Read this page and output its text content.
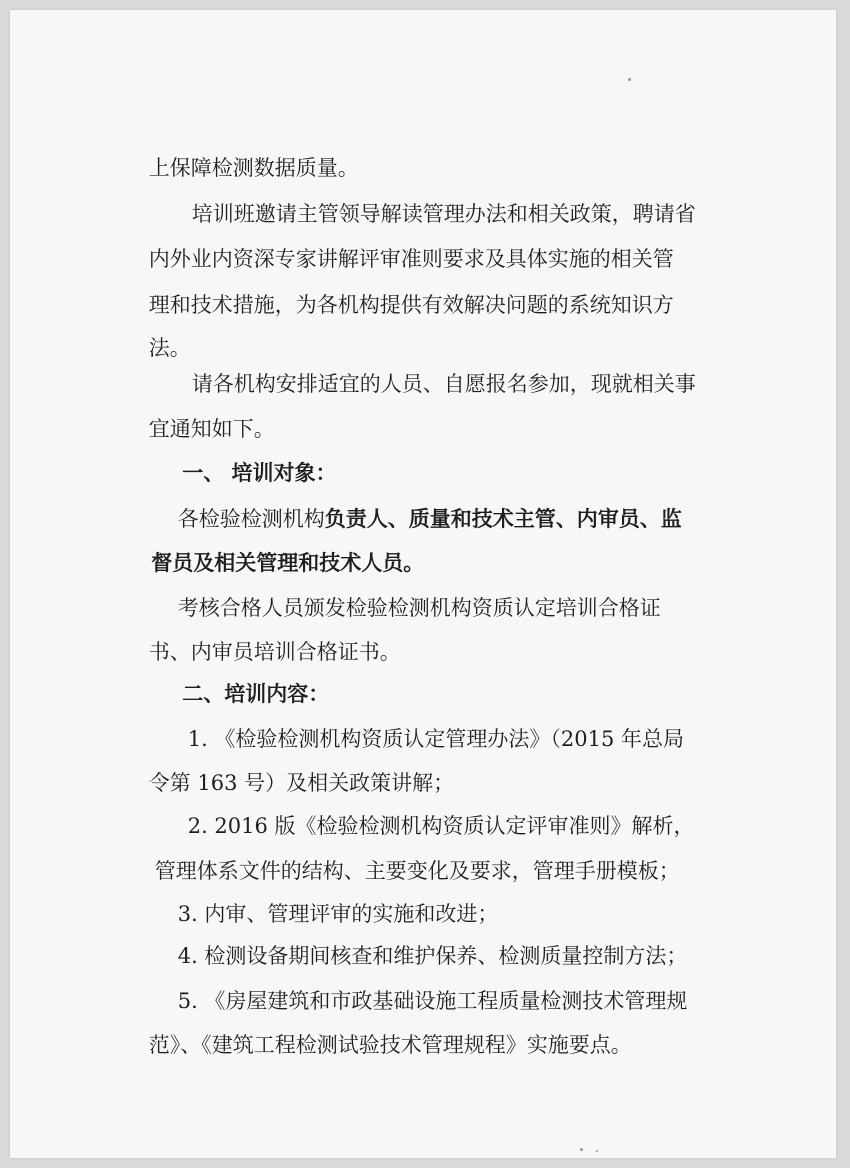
上保障检测数据质量。

培训班邀请主管领导解读管理办法和相关政策，聘请省

内外业内资深专家讲解评审准则要求及具体实施的相关管

理和技术措施，为各机构提供有效解决问题的系统知识方

法。

请各机构安排适宜的人员、自愿报名参加，现就相关事

宜通知如下。

一、 培训对象：

各检验检测机构负责人、质量和技术主管、内审员、监

督员及相关管理和技术人员。

考核合格人员颁发检验检测机构资质认定培训合格证

书、内审员培训合格证书。

二、培训内容：

1. 《检验检测机构资质认定管理办法》（2015 年总局

令第 163 号）及相关政策讲解；

2. 2016 版《检验检测机构资质认定评审准则》解析，

管理体系文件的结构、主要变化及要求，管理手册模板；

3. 内审、管理评审的实施和改进；

4. 检测设备期间核查和维护保养、检测质量控制方法；

5. 《房屋建筑和市政基础设施工程质量检测技术管理规

范》、《建筑工程检测试验技术管理规程》实施要点。
